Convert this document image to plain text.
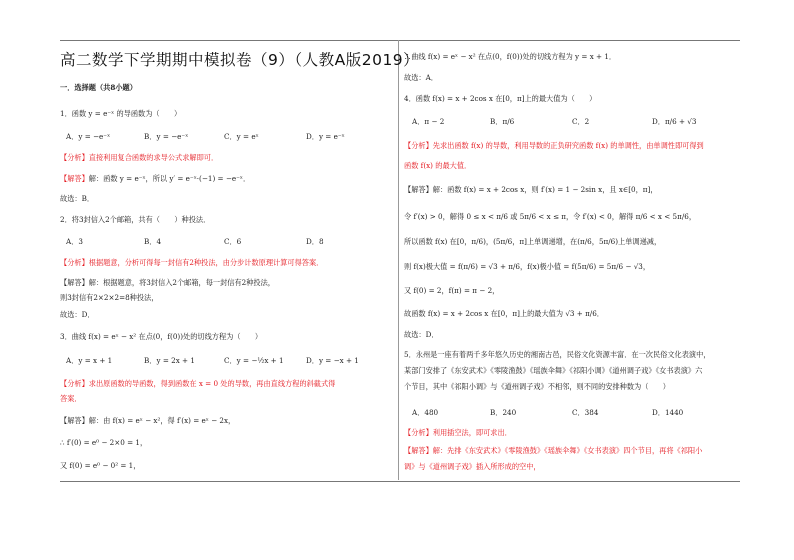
高二数学下学期期中模拟卷（9）（人教A版2019）
一．选择题（共8小题）
1．函数 y = e⁻ˣ 的导函数为（　　）
A．y = −e⁻ˣ	B．y = −e⁻ˣ	C．y = eˣ	D．y = e⁻ˣ
【分析】直接利用复合函数的求导公式求解即可．
【解答】解：函数 y = e⁻ˣ，所以 y′ = e⁻ˣ·(−1) = −e⁻ˣ．
故选：B．
2．将3封信入2个邮箱，共有（　　）种投法．
A．3	B．4	C．6	D．8
【分析】根据题意，分析可得每一封信有2种投法，由分步计数原理计算可得答案．
【解答】解：根据题意，将3封信入2个邮箱，每一封信有2种投法，
则3封信有2×2×2=8种投法，
故选：D．
3．曲线 f(x) = eˣ − x² 在点(0，f(0))处的切线方程为（　　）
A．y = x + 1	B．y = 2x + 1	C．y = −½x + 1	D．y = −x + 1
【分析】求出原函数的导函数，得到函数在 x = 0 处的导数，再由直线方程的斜截式得
答案．
【解答】解：由 f(x) = eˣ − x²，得 f′(x) = eˣ − 2x，
∴ f′(0) = e⁰ − 2×0 = 1，
又 f(0) = e⁰ − 0² = 1，
∴曲线 f(x) = eˣ − x² 在点(0，f(0))处的切线方程为 y = x + 1．
故选：A．
4．函数 f(x) = x + 2cos x 在[0，π]上的最大值为（　　）
A．π − 2	B．π/6	C．2	D．π/6 + √3
【分析】先求出函数 f(x) 的导数，利用导数的正负研究函数 f(x) 的单调性，由单调性即可得到
函数 f(x) 的最大值．
【解答】解：函数 f(x) = x + 2cos x，则 f′(x) = 1 − 2sin x，且 x∈[0，π]，
令 f′(x) > 0，解得 0 ≤ x < π/6 或 5π/6 < x ≤ π，令 f′(x) < 0，解得 π/6 < x < 5π/6，
所以函数 f(x) 在[0，π/6)，(5π/6，π]上单调递增，在(π/6，5π/6)上单调递减，
则 f(x)极大值 = f(π/6) = √3 + π/6，f(x)极小值 = f(5π/6) = 5π/6 − √3，
又 f(0) = 2，f(π) = π − 2，
故函数 f(x) = x + 2cos x 在[0，π]上的最大值为 √3 + π/6．
故选：D．
5．永州是一座有着两千多年悠久历史的湘南古邑，民俗文化资源丰富．在一次民俗文化表演中，
某部门安排了《东安武术》《零陵渔鼓》《瑶族伞舞》《祁阳小调》《道州调子戏》《女书表演》六
个节目，其中《祁阳小调》与《道州调子戏》不相邻，则不同的安排种数为（　　）
A．480	B．240	C．384	D．1440
【分析】利用插空法，即可求出．
【解答】解：先排《东安武术》《零陵渔鼓》《瑶族伞舞》《女书表演》四个节目，再将《祁阳小
调》与《道州调子戏》插入所形成的空中，
